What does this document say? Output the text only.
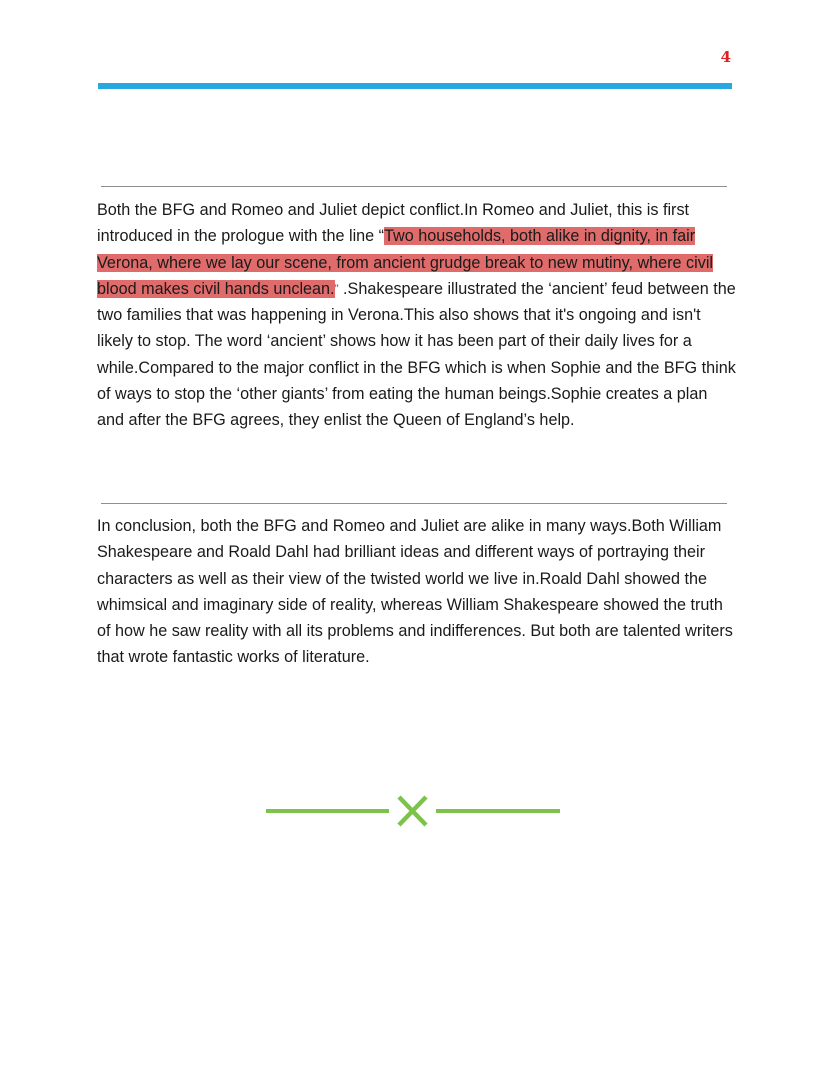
4

Both the BFG and Romeo and Juliet depict conflict.In Romeo and Juliet, this is first introduced in the prologue with the line “Two households, both alike in dignity, in fair Verona, where we lay our scene, from ancient grudge break to new mutiny, where civil blood makes civil hands unclean.” .Shakespeare illustrated the ‘ancient’ feud between the two families that was happening in Verona.This also shows that it's ongoing and isn't likely to stop. The word ‘ancient’ shows how it has been part of their daily lives for a while.Compared to the major conflict in the BFG which is when Sophie and the BFG think of ways to stop the ‘other giants’ from eating the human beings.Sophie creates a plan and after the BFG agrees, they enlist the Queen of England’s help.

In conclusion, both the BFG and Romeo and Juliet are alike in many ways.Both William Shakespeare and Roald Dahl had brilliant ideas and different ways of portraying their characters as well as their view of the twisted world we live in.Roald Dahl showed the whimsical and imaginary side of reality, whereas William Shakespeare showed the truth of how he saw reality with all its problems and indifferences. But both are talented writers that wrote fantastic works of literature.
